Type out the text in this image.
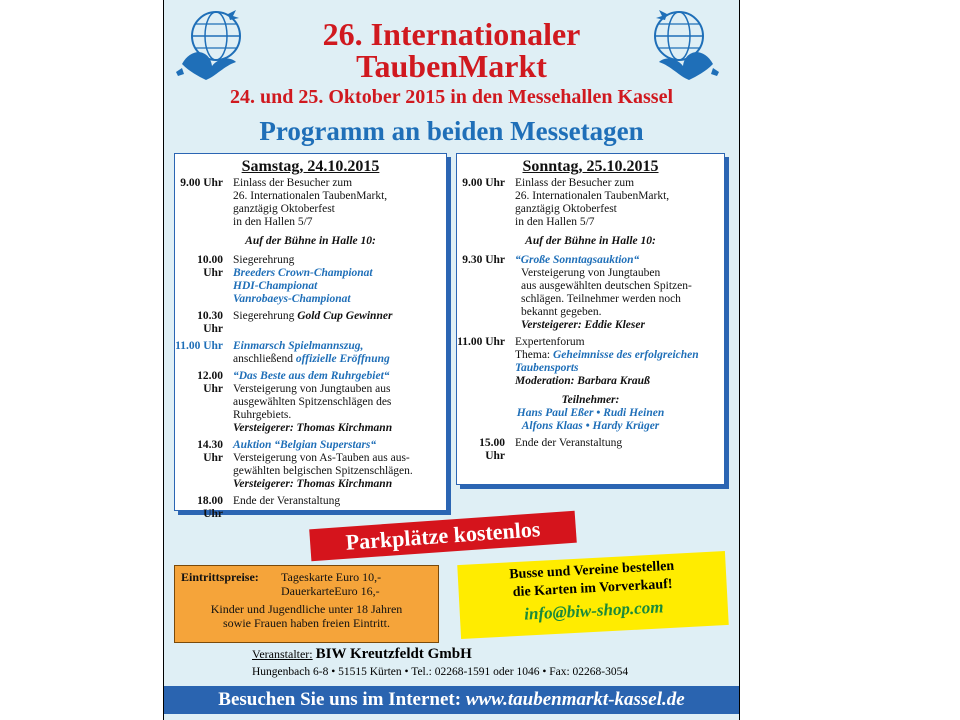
26. Internationaler
TaubenMarkt
24. und 25. Oktober 2015 in den Messehallen Kassel
Programm an beiden Messetagen
Samstag, 24.10.2015
9.00 Uhr Einlass der Besucher zum
26. Internationalen TaubenMarkt,
ganztägig Oktoberfest
in den Hallen 5/7
Auf der Bühne in Halle 10:
10.00 Uhr
Siegerehrung
Breeders Crown-Championat
HDI-Championat
Vanrobaeys-Championat
10.30 Uhr
Siegerehrung Gold Cup Gewinner
11.00 Uhr Einmarsch Spielmannszug,
anschließend offizielle Eröffnung
12.00 Uhr
“Das Beste aus dem Ruhrgebiet“
Versteigerung von Jungtauben aus
ausgewählten Spitzenschlägen des
Ruhrgebiets.
Versteigerer: Thomas Kirchmann
14.30 Uhr
Auktion “Belgian Superstars“
Versteigerung von As-Tauben aus aus-
gewählten belgischen Spitzenschlägen.
Versteigerer: Thomas Kirchmann
18.00 Uhr
Ende der Veranstaltung
Sonntag, 25.10.2015
9.00 Uhr Einlass der Besucher zum
26. Internationalen TaubenMarkt,
ganztägig Oktoberfest
in den Hallen 5/7
Auf der Bühne in Halle 10:
9.30 Uhr “Große Sonntagsauktion“
Versteigerung von Jungtauben
aus ausgewählten deutschen Spitzen-
schlägen. Teilnehmer werden noch
bekannt gegeben.
Versteigerer: Eddie Kleser
11.00 Uhr Expertenforum
Thema: Geheimnisse des erfolgreichen
Taubensports
Moderation: Barbara Krauß
Teilnehmer:
Hans Paul Eßer • Rudi Heinen
Alfons Klaas • Hardy Krüger
15.00 Uhr
Ende der Veranstaltung
Parkplätze kostenlos
Eintrittspreise:	Tageskarte Euro 10,-
DauerkarteEuro 16,-
Kinder und Jugendliche unter 18 Jahren
sowie Frauen haben freien Eintritt.
Busse und Vereine bestellen
die Karten im Vorverkauf!
info@biw-shop.com
Veranstalter: BIW Kreutzfeldt GmbH
Hungenbach 6-8 • 51515 Kürten • Tel.: 02268-1591 oder 1046 • Fax: 02268-3054
Besuchen Sie uns im Internet: www.taubenmarkt-kassel.de
